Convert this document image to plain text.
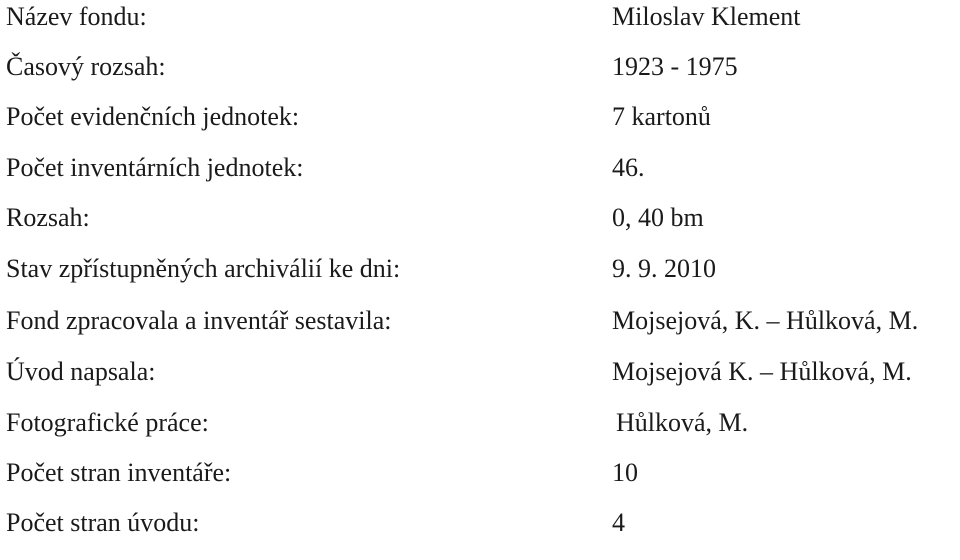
Název fondu:	Miloslav Klement
Časový rozsah:	1923 - 1975
Počet evidenčních jednotek:	7 kartonů
Počet inventárních jednotek:	46.
Rozsah:	0, 40 bm
Stav zpřístupněných archiválií ke dni:	9. 9. 2010
Fond zpracovala a inventář sestavila:	Mojsejová, K. – Hůlková, M.
Úvod napsala:	Mojsejová K. – Hůlková, M.
Fotografické práce:	Hůlková, M.
Počet stran inventáře:	10
Počet stran úvodu:	4
